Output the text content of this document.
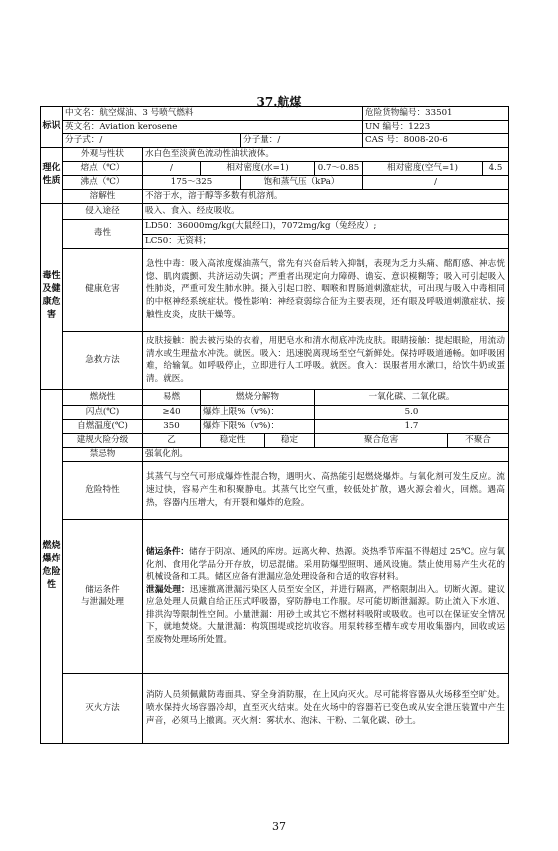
37.航煤
标识	中文名：航空煤油、3 号喷气燃料						危险货物编号：33501		
	英文名：Aviation kerosene						UN 编号：1223		
	分子式：/			分子量：/			CAS 号：8008-20-6		
理化性质	外观与性状	水白色至淡黄色流动性油状液体。							
	熔点（℃）	/	相对密度(水=1)			0.7～0.85	相对密度(空气=1)		4.5
	沸点（℃）	175～325		饱和蒸气压（kPa）			/		
	溶解性	不溶于水，溶于醇等多数有机溶剂。							
毒性及健康危害	侵入途径	吸入、食入、经皮吸收。							
	毒性	LD50：36000mg/kg(大鼠经口)，7072mg/kg（兔经皮）;							
		LC50：无资料；							
	健康危害	急性中毒：吸入高浓度煤油蒸气，常先有兴奋后转入抑制，表现为乏力头痛、酩酊感、神志恍惚、肌肉震颤、共济运动失调；严重者出现定向力障碍、谵妄、意识模糊等；吸入可引起吸入性肺炎，严重可发生肺水肿。摄入引起口腔、咽喉和胃肠道刺激症状，可出现与吸入中毒相同的中枢神经系统症状。慢性影响：神经衰弱综合征为主要表现，还有眼及呼吸道刺激症状、接触性皮炎，皮肤干燥等。							
	急救方法	皮肤接触：脱去被污染的衣着，用肥皂水和清水彻底冲洗皮肤。眼睛接触：提起眼睑，用流动清水或生理盐水冲洗。就医。吸入：迅速脱离现场至空气新鲜处。保持呼吸道通畅。如呼吸困难，给输氧。如呼吸停止，立即进行人工呼吸。就医。食入：误服者用水漱口，给饮牛奶或蛋清。就医。							
燃烧爆炸危险性	燃烧性	易燃	燃烧分解物			一氧化碳、二氧化碳。			
	闪点(℃)	≥40	爆炸上限%（v%)：			5.0			
	自燃温度(℃)	350	爆炸下限%（v%)：			1.7			
	建规火险分级	乙	稳定性		稳定	聚合危害		不聚合	
	禁忌物	强氧化剂。							
	危险特性	其蒸气与空气可形成爆炸性混合物，遇明火、高热能引起燃烧爆炸。与氧化剂可发生反应。流速过快，容易产生和积聚静电。其蒸气比空气重，较低处扩散，遇火源会着火，回燃。遇高热，容器内压增大，有开裂和爆炸的危险。							
	储运条件
与泄漏处理	储运条件：储存于阴凉、通风的库房。远离火种、热源。炎热季节库温不得超过 25℃。应与氧化剂、食用化学品分开存放，切忌混储。采用防爆型照明、通风设施。禁止使用易产生火花的机械设备和工具。储区应备有泄漏应急处理设备和合适的收容材料。
泄漏处理：迅速撤离泄漏污染区人员至安全区，并进行隔离，严格限制出入。切断火源。建议应急处理人员戴自给正压式呼吸器，穿防静电工作服。尽可能切断泄漏源。防止流入下水道、排洪沟等限制性空间。小量泄漏：用砂土或其它不燃材料吸附或吸收。也可以在保证安全情况下，就地焚烧。大量泄漏：构筑围堤或挖坑收容。用泵转移至槽车或专用收集器内，回收或运至废物处理场所处置。							
	灭火方法	消防人员须佩戴防毒面具、穿全身消防服，在上风向灭火。尽可能将容器从火场移至空旷处。喷水保持火场容器冷却，直至灭火结束。处在火场中的容器若已变色或从安全泄压装置中产生声音，必须马上撤离。灭火剂：雾状水、泡沫、干粉、二氧化碳、砂土。							
37
